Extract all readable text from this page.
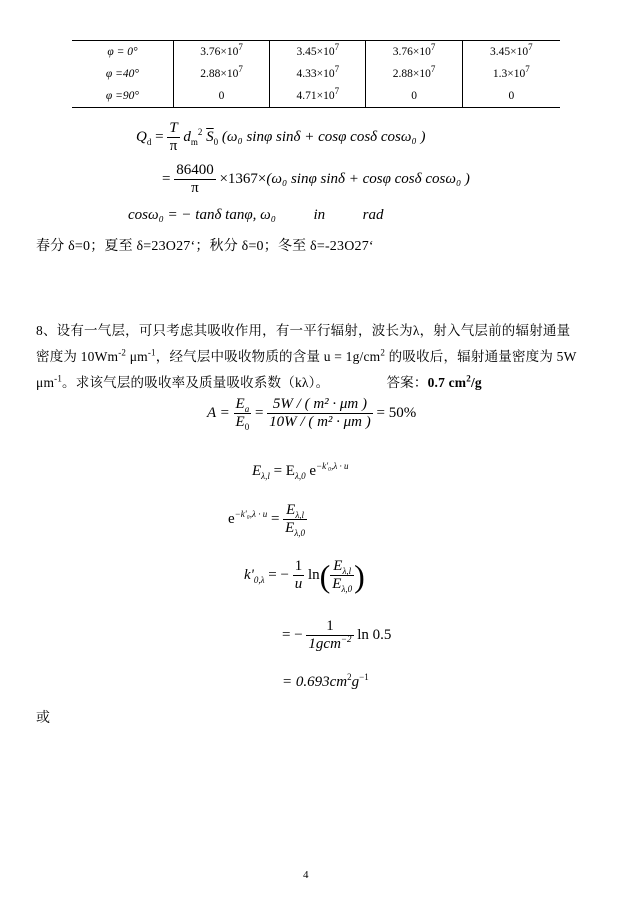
φ = 0°	$3.76\times 10^7$	$3.45\times 10^7$	$3.76\times 10^7$	$3.45\times 10^7$
φ =40°	$2.88\times 10^7$	$4.33\times 10^7$	$2.88\times 10^7$	$1.3\times 10^7$
φ =90°	0	$4.71\times 10^7$	0	0
$Q_d = \frac{T}{\pi} d_m^2$ $\overline{S}_0$ (ω₀ sinφ sinδ + cosφ cosδ cosω₀ )
= $\frac{86400}{\pi} \times 1367\times(\omega_0$ sinφ sinδ + cosφ cosδ cosω₀ )
cosω₀ = − tanδ tanφ, ω₀	in	rad
春分 δ=0；夏至 δ=23O27‘；秋分 δ=0；冬至 δ=-23O27‘
8、设有一气层，可只考虑其吸收作用，有一平行辐射，波长为λ，射入气层前的辐射通量
密度为 $10Wm^{-2}$ $\mu m^{-1}$，经气层中吸收物质的含量 $u = 1g/cm^2$ 的吸收后，辐射通量密度为 5W
$\mu m^{-1}$。求该气层的吸收率及质量吸收系数（kλ）。	答案：0.7 $cm^2/g$
$A = \frac{E_a}{E_0} = \frac{\text{5W / ( m² · μm )}}{\text{10W / ( m² · μm )}} = 50\%$
$E_{\lambda,l} = E_{\lambda,0}$ $e^{-k'_0,\lambda \cdot u}$
$e^{-k'_0,\lambda \cdot u} = \frac{E_{\lambda,l}}{E_{\lambda,0}}$
$k'_{0,\lambda}$ = − $\frac{1}{u} \ln( \frac{E_{\lambda,l}}{E_{\lambda,0}}$ )
= − $\frac{1}{1gcm^{-2}}$ ln 0.5
= $0.693cm^2g^{-1}$
或
4
